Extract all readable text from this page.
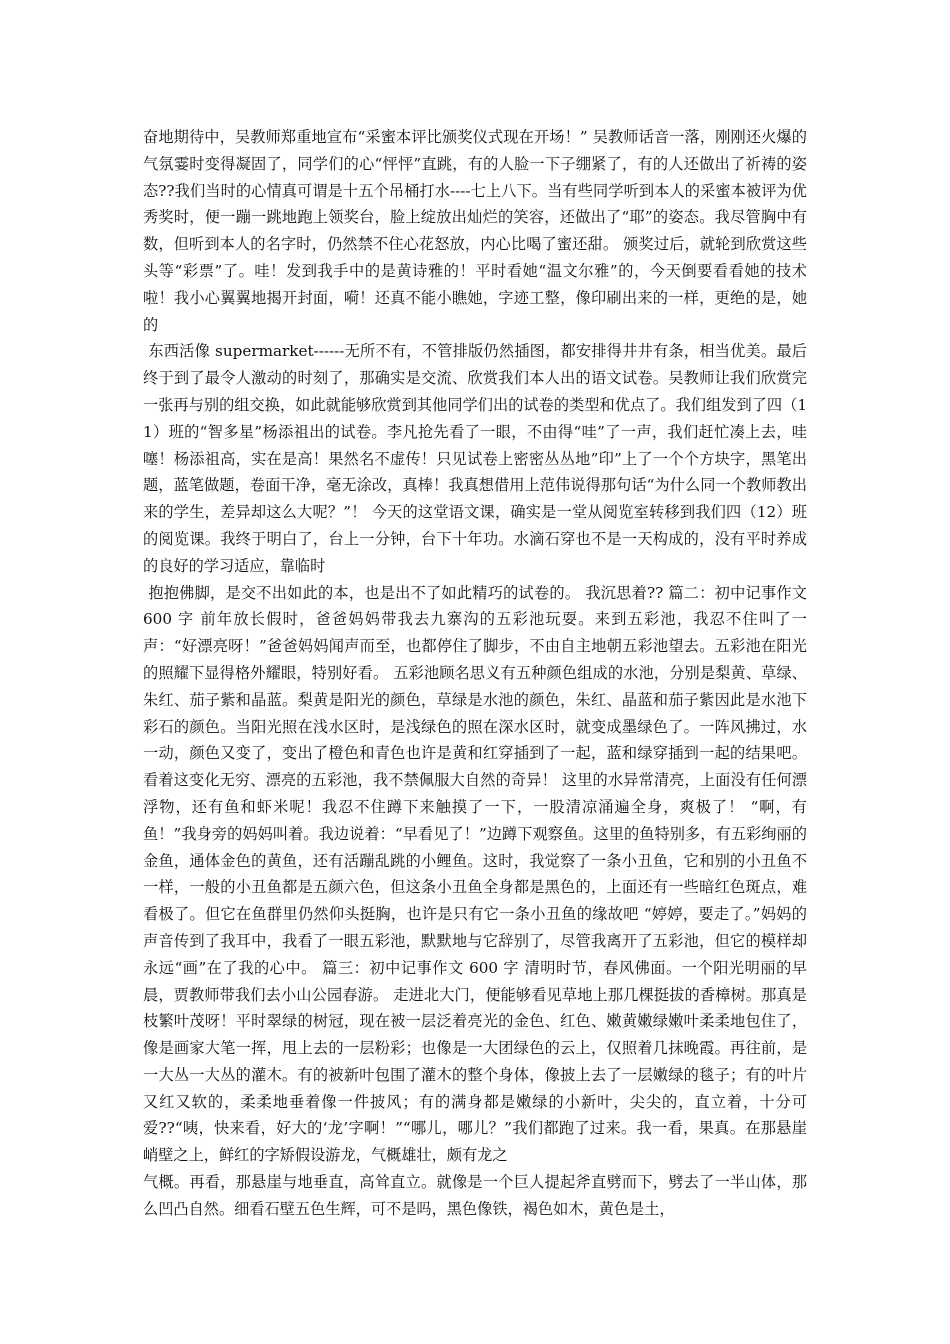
奋地期待中，吴教师郑重地宣布“采蜜本评比颁奖仪式现在开场！” 吴教师话音一落，刚刚还火爆的气氛霎时变得凝固了，同学们的心“怦怦”直跳，有的人脸一下子绷紧了，有的人还做出了祈祷的姿态??我们当时的心情真可谓是十五个吊桶打水----七上八下。当有些同学听到本人的采蜜本被评为优秀奖时，便一蹦一跳地跑上领奖台，脸上绽放出灿烂的笑容，还做出了“耶”的姿态。我尽管胸中有数，但听到本人的名字时，仍然禁不住心花怒放，内心比喝了蜜还甜。 颁奖过后，就轮到欣赏这些头等“彩票”了。哇！发到我手中的是黄诗雅的！平时看她“温文尔雅”的，今天倒要看看她的技术啦！我小心翼翼地揭开封面，嗬！还真不能小瞧她，字迹工整，像印刷出来的一样，更绝的是，她的

东西活像 supermarket------无所不有，不管排版仍然插图，都安排得井井有条，相当优美。最后终于到了最令人激动的时刻了，那确实是交流、欣赏我们本人出的语文试卷。吴教师让我们欣赏完一张再与别的组交换，如此就能够欣赏到其他同学们出的试卷的类型和优点了。我们组发到了四（11）班的“智多星”杨添祖出的试卷。李凡抢先看了一眼，不由得“哇”了一声，我们赶忙凑上去，哇噻！杨添祖高，实在是高！果然名不虚传！只见试卷上密密丛丛地”印”上了一个个方块字，黑笔出题，蓝笔做题，卷面干净，毫无涂改，真棒！我真想借用上范伟说得那句话“为什么同一个教师教出来的学生，差异却这么大呢？”！ 今天的这堂语文课，确实是一堂从阅览室转移到我们四（12）班的阅览课。我终于明白了，台上一分钟，台下十年功。水滴石穿也不是一天构成的，没有平时养成的良好的学习适应，靠临时

抱抱佛脚，是交不出如此的本，也是出不了如此精巧的试卷的。 我沉思着?? 篇二：初中记事作文 600 字 前年放长假时，爸爸妈妈带我去九寨沟的五彩池玩耍。来到五彩池，我忍不住叫了一声：“好漂亮呀！”爸爸妈妈闻声而至，也都停住了脚步，不由自主地朝五彩池望去。五彩池在阳光的照耀下显得格外耀眼，特别好看。 五彩池顾名思义有五种颜色组成的水池，分别是梨黄、草绿、朱红、茄子紫和晶蓝。梨黄是阳光的颜色，草绿是水池的颜色，朱红、晶蓝和茄子紫因此是水池下彩石的颜色。当阳光照在浅水区时，是浅绿色的照在深水区时，就变成墨绿色了。一阵风拂过，水一动，颜色又变了，变出了橙色和青色也许是黄和红穿插到了一起，蓝和绿穿插到一起的结果吧。看着这变化无穷、漂亮的五彩池，我不禁佩服大自然的奇异！ 这里的水异常清亮，上面没有任何漂浮物，还有鱼和虾米呢！我忍不住蹲下来触摸了一下，一股清凉涌遍全身，爽极了！ “啊，有鱼！”我身旁的妈妈叫着。我边说着：“早看见了！”边蹲下观察鱼。这里的鱼特别多，有五彩绚丽的金鱼，通体金色的黄鱼，还有活蹦乱跳的小鲤鱼。这时，我觉察了一条小丑鱼，它和别的小丑鱼不一样，一般的小丑鱼都是五颜六色，但这条小丑鱼全身都是黑色的，上面还有一些暗红色斑点，难看极了。但它在鱼群里仍然仰头挺胸，也许是只有它一条小丑鱼的缘故吧 “婷婷，要走了。”妈妈的声音传到了我耳中，我看了一眼五彩池，默默地与它辞别了，尽管我离开了五彩池，但它的模样却永远“画”在了我的心中。 篇三：初中记事作文 600 字 清明时节，春风佛面。一个阳光明丽的早晨，贾教师带我们去小山公园春游。 走进北大门，便能够看见草地上那几棵挺拔的香樟树。那真是枝繁叶茂呀！平时翠绿的树冠，现在被一层泛着亮光的金色、红色、嫩黄嫩绿嫩叶柔柔地包住了，像是画家大笔一挥，甩上去的一层粉彩；也像是一大团绿色的云上，仅照着几抹晚霞。再往前，是一大丛一大丛的灌木。有的被新叶包围了灌木的整个身体，像披上去了一层嫩绿的毯子；有的叶片又红又软的，柔柔地垂着像一件披风；有的满身都是嫩绿的小新叶，尖尖的，直立着，十分可爱??“咦，快来看，好大的‘龙’字啊！”“哪儿，哪儿？”我们都跑了过来。我一看，果真。在那悬崖峭壁之上，鲜红的字矫假设游龙，气概雄壮，颇有龙之

气概。再看，那悬崖与地垂直，高耸直立。就像是一个巨人提起斧直劈而下，劈去了一半山体，那么凹凸自然。细看石壁五色生辉，可不是吗，黑色像铁，褐色如木，黄色是土，
